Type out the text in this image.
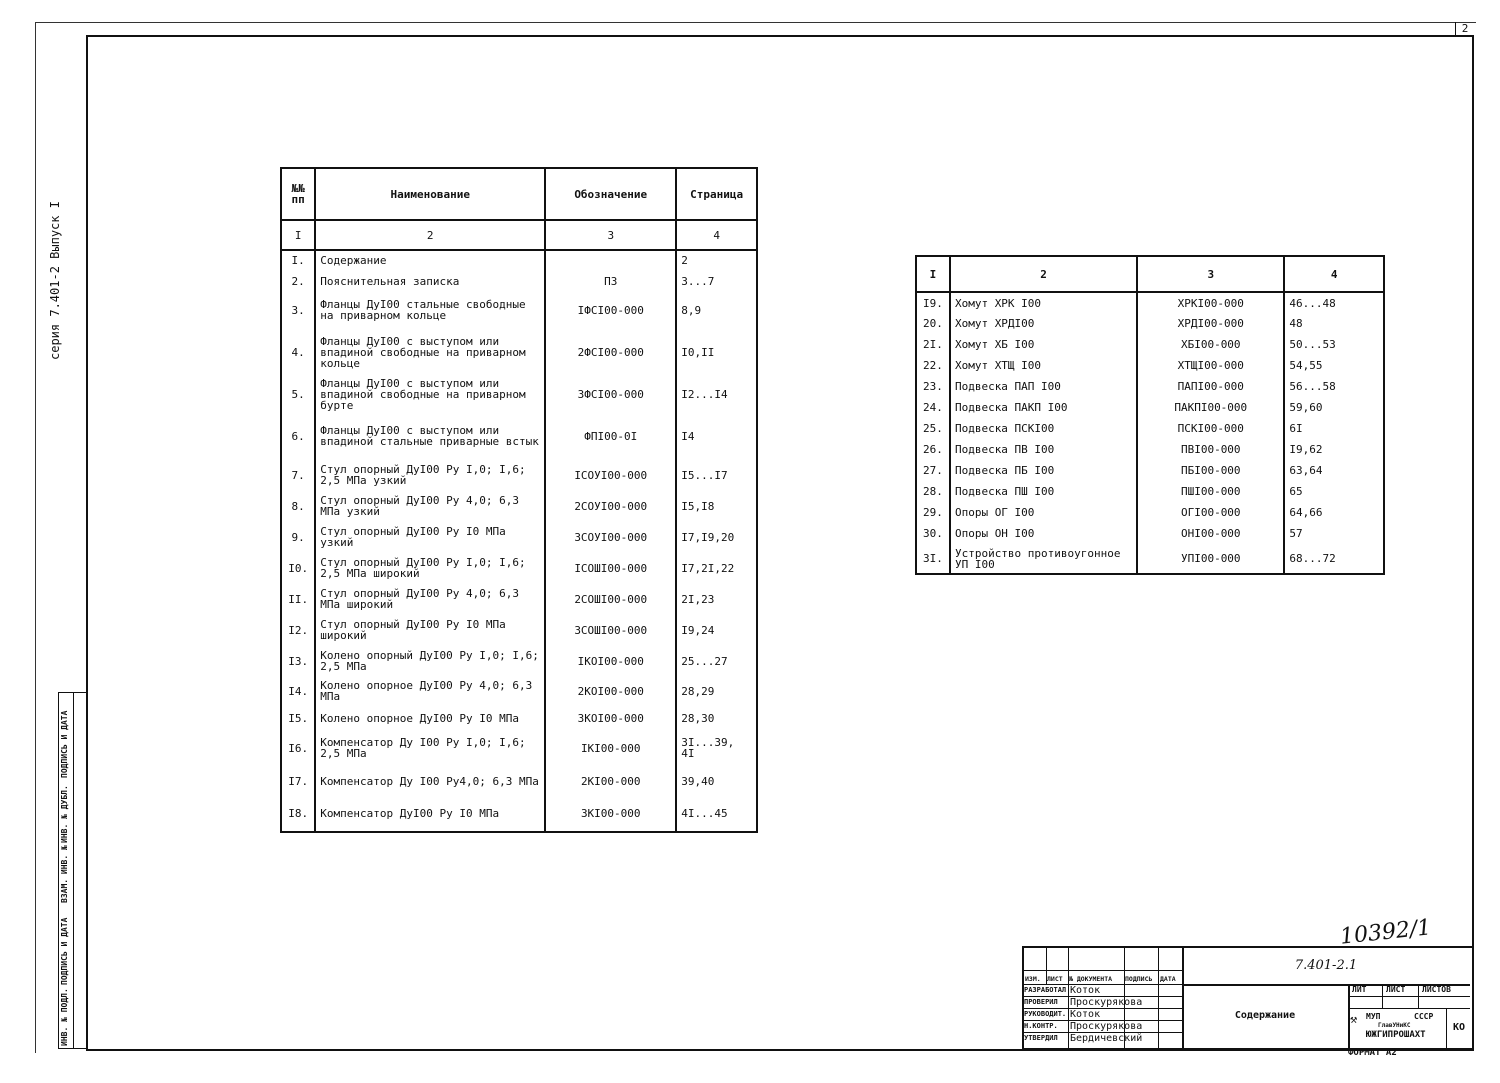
2
серия 7.401-2 Выпуск I
ИНВ. № ПОДЛ.
ПОДПИСЬ И ДАТА
ВЗАМ. ИНВ. №
ИНВ. № ДУБЛ.
ПОДПИСЬ И ДАТА
№№ пп	Наименование	Обозначение	Страница
I	2	3	4
I.	Содержание		2
2.	Пояснительная записка	ПЗ	3...7
3.	Фланцы ДуI00 стальные свободные на приварном кольце	IФСI00-000	8,9
4.	Фланцы ДуI00 с выступом или впадиной свободные на приварном кольце	2ФСI00-000	I0,II
5.	Фланцы ДуI00 с выступом или впадиной свободные на приварном бурте	3ФСI00-000	I2...I4
6.	Фланцы ДуI00 с выступом или впадиной стальные приварные встык	ФПI00-0I	I4
7.	Стул опорный ДуI00 Ру I,0; I,6; 2,5 МПа узкий	IСОУI00-000	I5...I7
8.	Стул опорный ДуI00 Ру 4,0; 6,3 МПа узкий	2СОУI00-000	I5,I8
9.	Стул опорный ДуI00 Ру I0 МПа узкий	3СОУI00-000	I7,I9,20
I0.	Стул опорный ДуI00 Ру I,0; I,6; 2,5 МПа широкий	IСОШI00-000	I7,2I,22
II.	Стул опорный ДуI00 Ру 4,0; 6,3 МПа широкий	2СОШI00-000	2I,23
I2.	Стул опорный ДуI00 Ру I0 МПа широкий	3СОШI00-000	I9,24
I3.	Колено опорный ДуI00 Ру I,0; I,6; 2,5 МПа	IКОI00-000	25...27
I4.	Колено опорное ДуI00 Ру 4,0; 6,3 МПа	2КОI00-000	28,29
I5.	Колено опорное ДуI00 Ру I0 МПа	3КОI00-000	28,30
I6.	Компенсатор Ду I00 Ру I,0; I,6; 2,5 МПа	IКI00-000	3I...39, 4I
I7.	Компенсатор Ду I00 Ру4,0; 6,3 МПа	2КI00-000	39,40
I8.	Компенсатор ДуI00 Ру I0 МПа	3КI00-000	4I...45
I	2	3	4
I9.	Хомут ХРК I00	ХРКI00-000	46...48
20.	Хомут ХРДI00	ХРДI00-000	48
2I.	Хомут ХБ I00	ХБI00-000	50...53
22.	Хомут ХТЩ I00	ХТЩI00-000	54,55
23.	Подвеска ПАП I00	ПАПI00-000	56...58
24.	Подвеска ПАКП I00	ПАКПI00-000	59,60
25.	Подвеска ПСКI00	ПСКI00-000	6I
26.	Подвеска ПВ I00	ПВI00-000	I9,62
27.	Подвеска ПБ I00	ПБI00-000	63,64
28.	Подвеска ПШ I00	ПШI00-000	65
29.	Опоры ОГ I00	ОГI00-000	64,66
30.	Опоры ОН I00	ОНI00-000	57
3I.	Устройство противоугонное УП I00	УПI00-000	68...72
10392/1
ИЗМ. ЛИСТ № ДОКУМЕНТА ПОДПИСЬ ДАТА
РАЗРАБОТАЛ Коток
ПРОВЕРИЛ Проскурякова
РУКОВОДИТ. Коток
Н.КОНТР. Проскурякова
УТВЕРДИЛ Бердичевский
7.401-2.1
Содержание
ЛИТ ЛИСТ ЛИСТОВ
⚒ МУП	СССР
ГлавУНиКС
ЮЖГИПРОШАХТ
КО
ФОРМАТ А2
